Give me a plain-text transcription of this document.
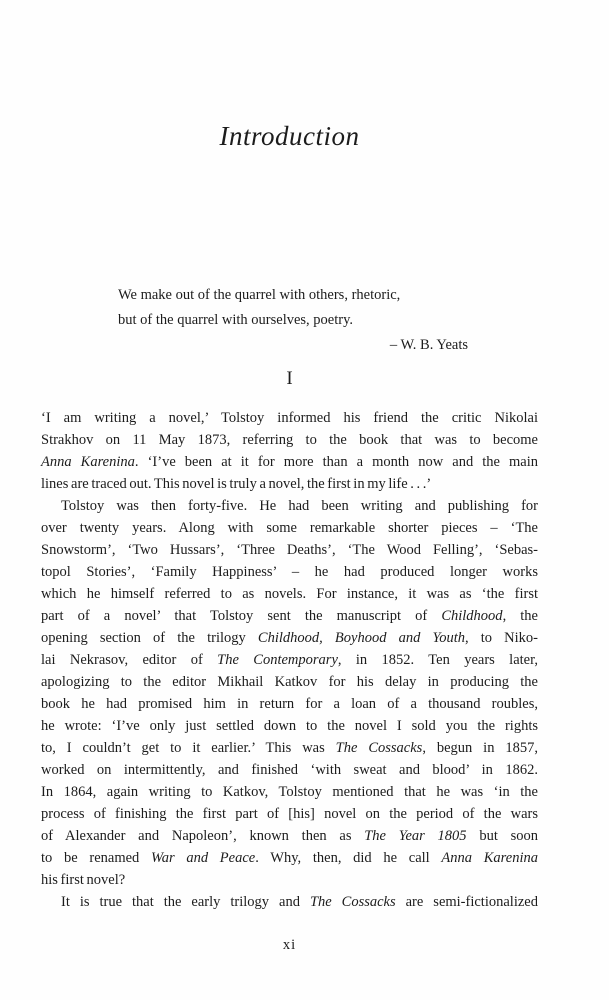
Introduction
We make out of the quarrel with others, rhetoric,
but of the quarrel with ourselves, poetry.
– W. B. Yeats
I
‘I am writing a novel,’ Tolstoy informed his friend the critic Nikolai
Strakhov on 11 May 1873, referring to the book that was to become
Anna Karenina. ‘I’ve been at it for more than a month now and the main
lines are traced out. This novel is truly a novel, the first in my life . . .’
Tolstoy was then forty-five. He had been writing and publishing for
over twenty years. Along with some remarkable shorter pieces – ‘The
Snowstorm’, ‘Two Hussars’, ‘Three Deaths’, ‘The Wood Felling’, ‘Sebas-
topol Stories’, ‘Family Happiness’ – he had produced longer works
which he himself referred to as novels. For instance, it was as ‘the first
part of a novel’ that Tolstoy sent the manuscript of Childhood, the
opening section of the trilogy Childhood, Boyhood and Youth, to Niko-
lai Nekrasov, editor of The Contemporary, in 1852. Ten years later,
apologizing to the editor Mikhail Katkov for his delay in producing the
book he had promised him in return for a loan of a thousand roubles,
he wrote: ‘I’ve only just settled down to the novel I sold you the rights
to, I couldn’t get to it earlier.’ This was The Cossacks, begun in 1857,
worked on intermittently, and finished ‘with sweat and blood’ in 1862.
In 1864, again writing to Katkov, Tolstoy mentioned that he was ‘in the
process of finishing the first part of [his] novel on the period of the wars
of Alexander and Napoleon’, known then as The Year 1805 but soon
to be renamed War and Peace. Why, then, did he call Anna Karenina
his first novel?
It is true that the early trilogy and The Cossacks are semi-fictionalized
xi
